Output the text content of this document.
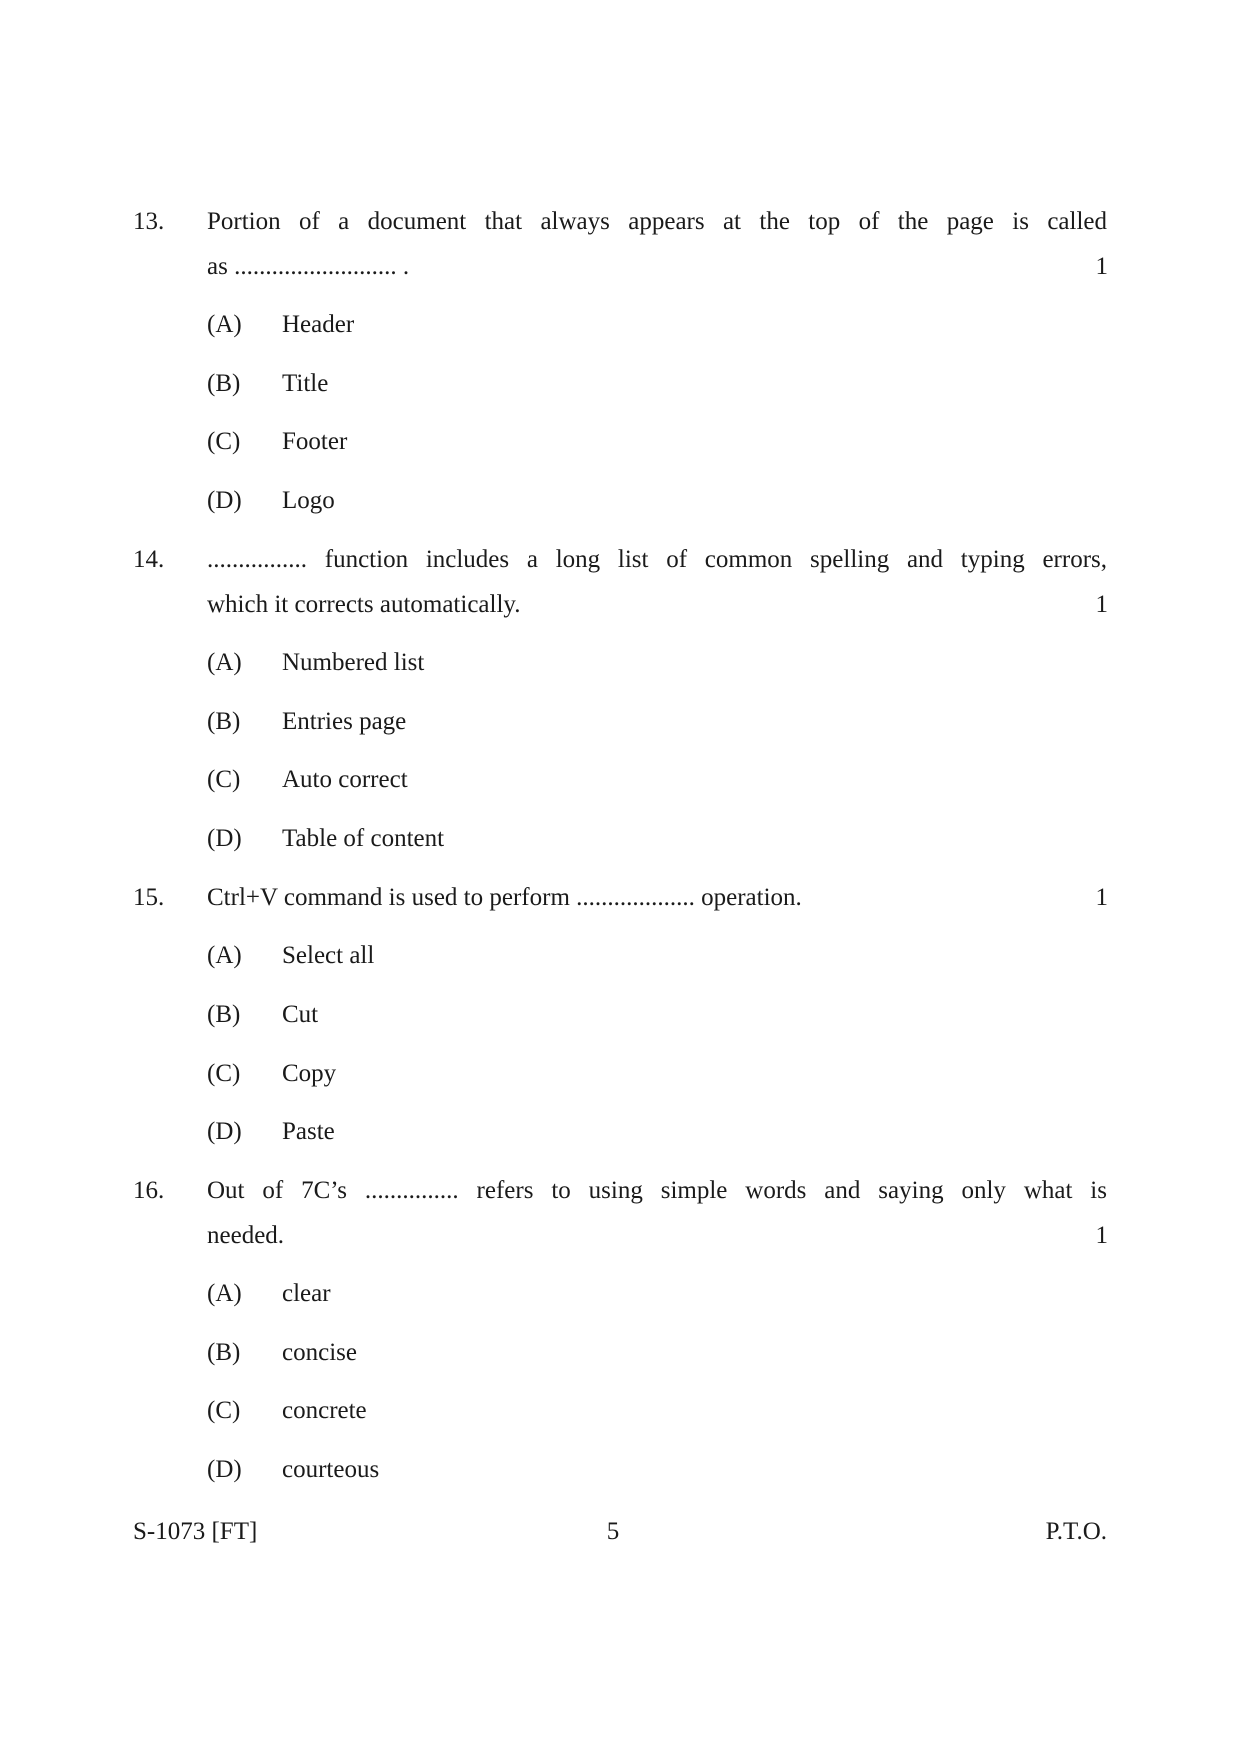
13. Portion of a document that always appears at the top of the page is called
as .......................... .	1
(A) Header
(B) Title
(C) Footer
(D) Logo
14. ................ function includes a long list of common spelling and typing errors,
which it corrects automatically.	1
(A) Numbered list
(B) Entries page
(C) Auto correct
(D) Table of content
15. Ctrl+V command is used to perform ................... operation.	1
(A) Select all
(B) Cut
(C) Copy
(D) Paste
16. Out of 7C’s ............... refers to using simple words and saying only what is
needed.	1
(A) clear
(B) concise
(C) concrete
(D) courteous
S-1073 [FT]	5	P.T.O.
